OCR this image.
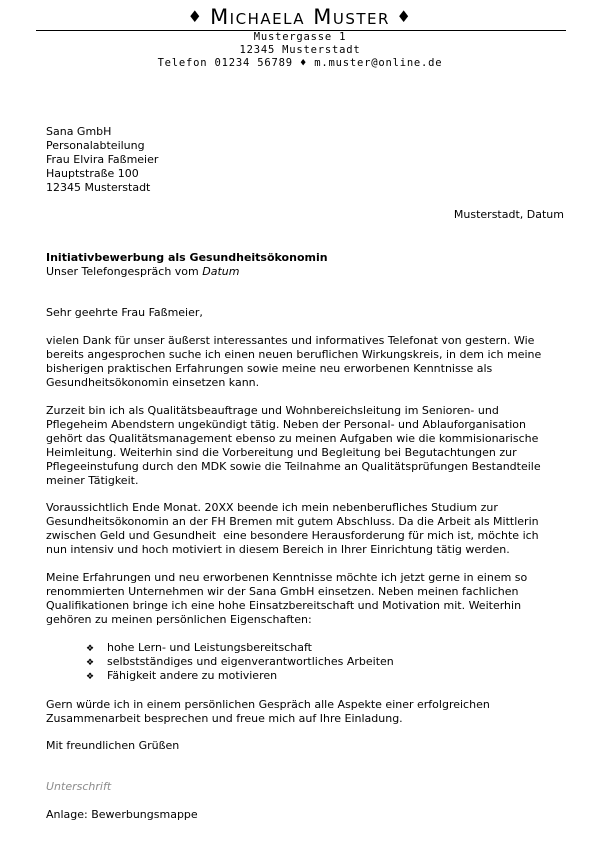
♦ Michaela Muster ♦
Mustergasse 1
12345 Musterstadt
Telefon 01234 56789 ♦ m.muster@online.de
Sana GmbH
Personalabteilung
Frau Elvira Faßmeier
Hauptstraße 100
12345 Musterstadt
Musterstadt, Datum
Initiativbewerbung als Gesundheitsökonomin
Unser Telefongespräch vom Datum
Sehr geehrte Frau Faßmeier,
vielen Dank für unser äußerst interessantes und informatives Telefonat von gestern. Wie
bereits angesprochen suche ich einen neuen beruflichen Wirkungskreis, in dem ich meine
bisherigen praktischen Erfahrungen sowie meine neu erworbenen Kenntnisse als
Gesundheitsökonomin einsetzen kann.
Zurzeit bin ich als Qualitätsbeauftrage und Wohnbereichsleitung im Senioren- und
Pflegeheim Abendstern ungekündigt tätig. Neben der Personal- und Ablauforganisation
gehört das Qualitätsmanagement ebenso zu meinen Aufgaben wie die kommisionarische
Heimleitung. Weiterhin sind die Vorbereitung und Begleitung bei Begutachtungen zur
Pflegeeinstufung durch den MDK sowie die Teilnahme an Qualitätsprüfungen Bestandteile
meiner Tätigkeit.
Voraussichtlich Ende Monat. 20XX beende ich mein nebenberufliches Studium zur
Gesundheitsökonomin an der FH Bremen mit gutem Abschluss. Da die Arbeit als Mittlerin
zwischen Geld und Gesundheit  eine besondere Herausforderung für mich ist, möchte ich
nun intensiv und hoch motiviert in diesem Bereich in Ihrer Einrichtung tätig werden.
Meine Erfahrungen und neu erworbenen Kenntnisse möchte ich jetzt gerne in einem so
renommierten Unternehmen wir der Sana GmbH einsetzen. Neben meinen fachlichen
Qualifikationen bringe ich eine hohe Einsatzbereitschaft und Motivation mit. Weiterhin
gehören zu meinen persönlichen Eigenschaften:
❖ hohe Lern- und Leistungsbereitschaft
❖ selbstständiges und eigenverantwortliches Arbeiten
❖ Fähigkeit andere zu motivieren
Gern würde ich in einem persönlichen Gespräch alle Aspekte einer erfolgreichen
Zusammenarbeit besprechen und freue mich auf Ihre Einladung.
Mit freundlichen Grüßen
Unterschrift
Anlage: Bewerbungsmappe
